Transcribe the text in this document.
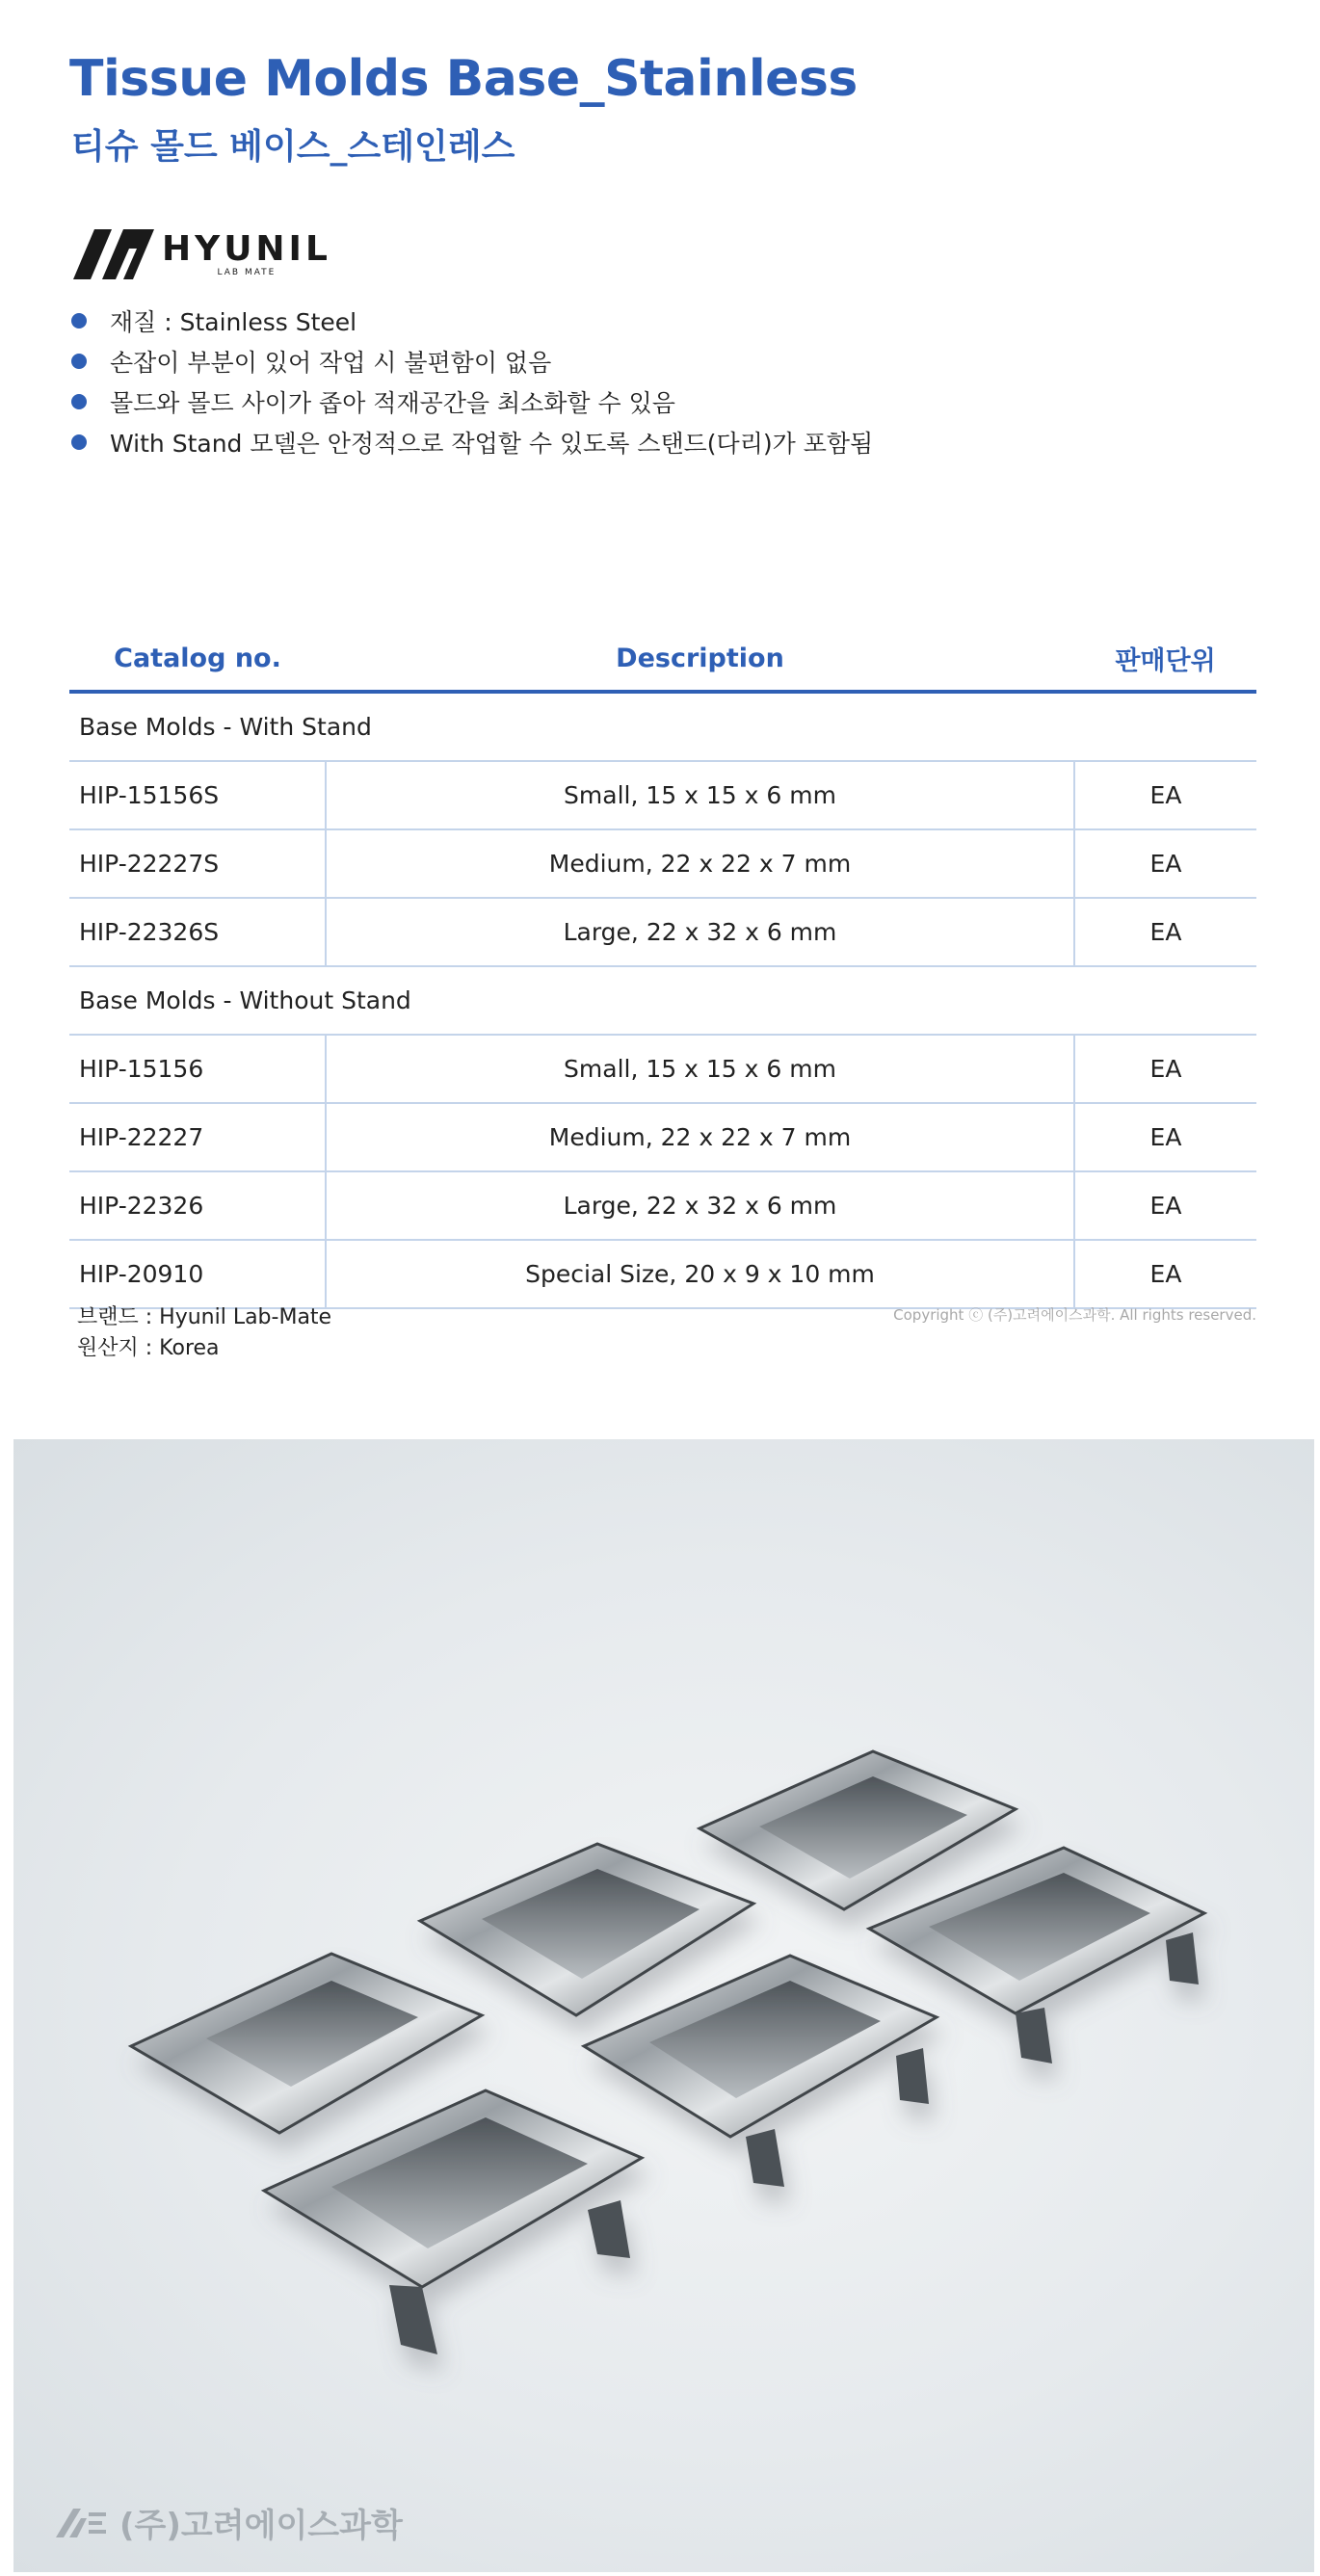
Tissue Molds Base_Stainless
티슈 몰드 베이스_스테인레스
HYUNIL
LAB MATE
재질 : Stainless Steel
손잡이 부분이 있어 작업 시 불편함이 없음
몰드와 몰드 사이가 좁아 적재공간을 최소화할 수 있음
With Stand 모델은 안정적으로 작업할 수 있도록 스탠드(다리)가 포함됨
Catalog no.	Description	판매단위
Base Molds - With Stand		
HIP-15156S	Small, 15 x 15 x 6 mm	EA
HIP-22227S	Medium, 22 x 22 x 7 mm	EA
HIP-22326S	Large, 22 x 32 x 6 mm	EA
Base Molds - Without Stand		
HIP-15156	Small, 15 x 15 x 6 mm	EA
HIP-22227	Medium, 22 x 22 x 7 mm	EA
HIP-22326	Large, 22 x 32 x 6 mm	EA
HIP-20910	Special Size, 20 x 9 x 10 mm	EA
브랜드 : Hyunil Lab-Mate
원산지 : Korea
Copyright ⓒ (주)고려에이스과학. All rights reserved.
(주)고려에이스과학
